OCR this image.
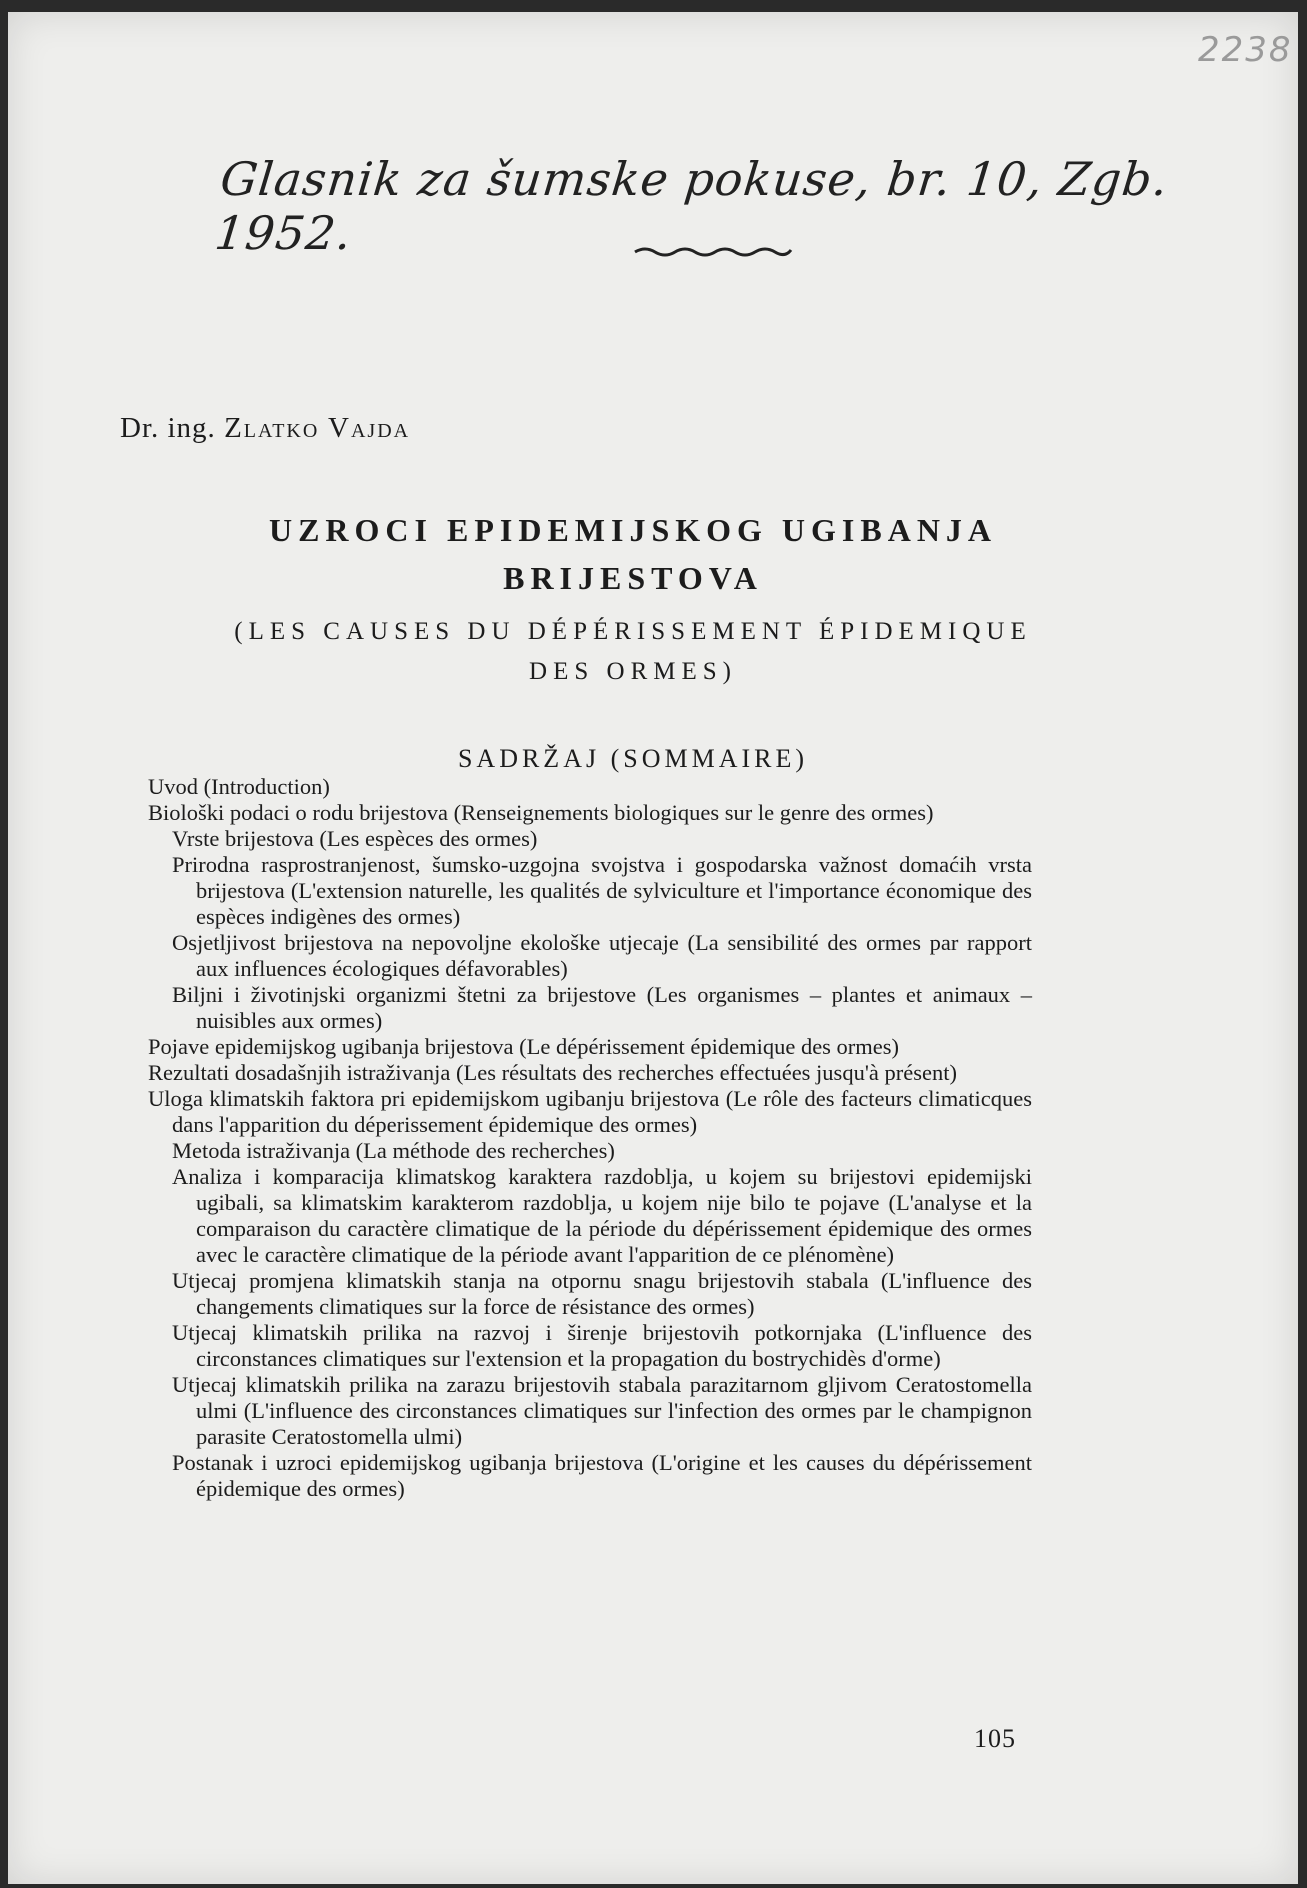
2238
Glasnik za šumske pokuse, br. 10, Zgb. 1952.
Dr. ing. Zlatko Vajda
UZROCI EPIDEMIJSKOG UGIBANJA
BRIJESTOVA
(LES CAUSES DU DÉPÉRISSEMENT ÉPIDEMIQUE
DES ORMES)
SADRŽAJ (SOMMAIRE)
Uvod (Introduction)
Biološki podaci o rodu brijestova (Renseignements biologiques sur le genre des ormes)
Vrste brijestova (Les espèces des ormes)
Prirodna rasprostranjenost, šumsko-uzgojna svojstva i gospodarska važnost domaćih vrsta brijestova (L'extension naturelle, les qualités de sylviculture et l'importance économique des espèces indigènes des ormes)
Osjetljivost brijestova na nepovoljne ekološke utjecaje (La sensibilité des ormes par rapport aux influences écologiques défavorables)
Biljni i životinjski organizmi štetni za brijestove (Les organismes – plantes et animaux – nuisibles aux ormes)
Pojave epidemijskog ugibanja brijestova (Le dépérissement épidemique des ormes)
Rezultati dosadašnjih istraživanja (Les résultats des recherches effectuées jusqu'à présent)
Uloga klimatskih faktora pri epidemijskom ugibanju brijestova (Le rôle des facteurs climaticques dans l'apparition du déperissement épidemique des ormes)
Metoda istraživanja (La méthode des recherches)
Analiza i komparacija klimatskog karaktera razdoblja, u kojem su brijestovi epidemijski ugibali, sa klimatskim karakterom razdoblja, u kojem nije bilo te pojave (L'analyse et la comparaison du caractère climatique de la période du dépérissement épidemique des ormes avec le caractère climatique de la période avant l'apparition de ce plénomène)
Utjecaj promjena klimatskih stanja na otpornu snagu brijestovih stabala (L'influence des changements climatiques sur la force de résistance des ormes)
Utjecaj klimatskih prilika na razvoj i širenje brijestovih potkornjaka (L'influence des circonstances climatiques sur l'extension et la propagation du bostrychidès d'orme)
Utjecaj klimatskih prilika na zarazu brijestovih stabala parazitarnom gljivom Ceratostomella ulmi (L'influence des circonstances climatiques sur l'infection des ormes par le champignon parasite Ceratostomella ulmi)
Postanak i uzroci epidemijskog ugibanja brijestova (L'origine et les causes du dépérissement épidemique des ormes)
105
